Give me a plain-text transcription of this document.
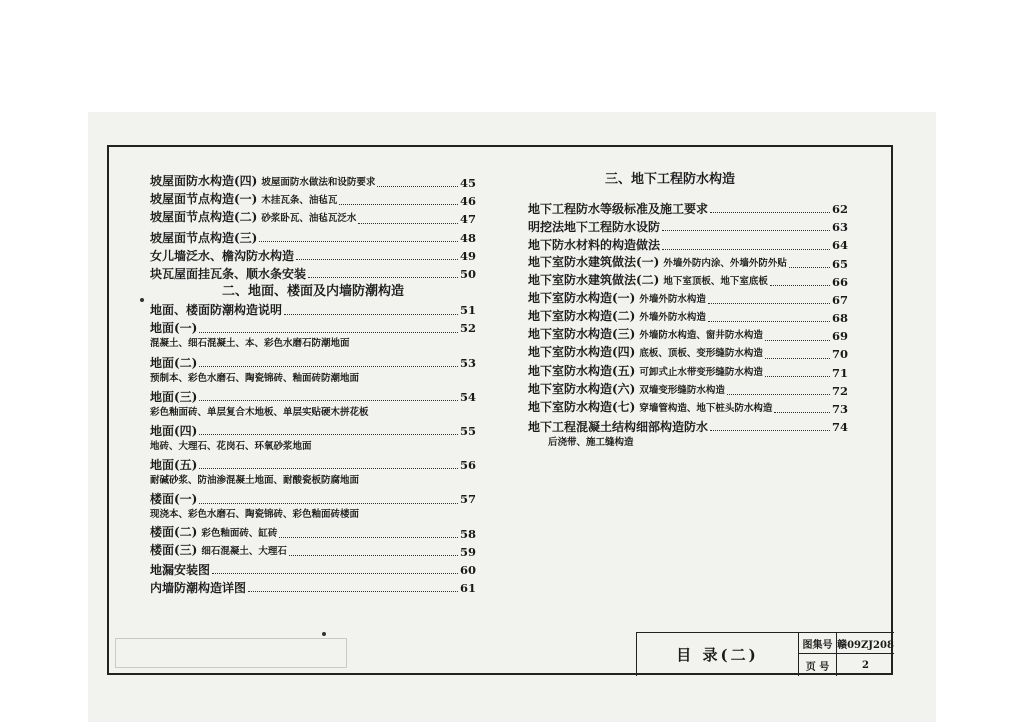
坡屋面防水构造(四) 坡屋面防水做法和设防要求	45
坡屋面节点构造(一) 木挂瓦条、油毡瓦	46
坡屋面节点构造(二) 砂浆卧瓦、油毡瓦泛水	47
坡屋面节点构造(三)	48
女儿墙泛水、檐沟防水构造	49
块瓦屋面挂瓦条、顺水条安装	50
二、地面、楼面及内墙防潮构造
地面、楼面防潮构造说明	51
地面(一)	52
混凝土、细石混凝土、本、彩色水磨石防潮地面
地面(二)	53
预制本、彩色水磨石、陶瓷锦砖、釉面砖防潮地面
地面(三)	54
彩色釉面砖、单层复合木地板、单层实贴硬木拼花板
地面(四)	55
地砖、大理石、花岗石、环氧砂浆地面
地面(五)	56
耐碱砂浆、防油渗混凝土地面、耐酸瓷板防腐地面
楼面(一)	57
现浇本、彩色水磨石、陶瓷锦砖、彩色釉面砖楼面
楼面(二) 彩色釉面砖、缸砖	58
楼面(三) 细石混凝土、大理石	59
地漏安装图	60
内墙防潮构造详图	61
三、地下工程防水构造
地下工程防水等级标准及施工要求	62
明挖法地下工程防水设防	63
地下防水材料的构造做法	64
地下室防水建筑做法(一) 外墙外防内涂、外墙外防外贴	65
地下室防水建筑做法(二) 地下室顶板、地下室底板	66
地下室防水构造(一) 外墙外防水构造	67
地下室防水构造(二) 外墙外防水构造	68
地下室防水构造(三) 外墙防水构造、窗井防水构造	69
地下室防水构造(四) 底板、顶板、变形缝防水构造	70
地下室防水构造(五) 可卸式止水带变形缝防水构造	71
地下室防水构造(六) 双墙变形缝防水构造	72
地下室防水构造(七) 穿墙管构造、地下桩头防水构造	73
地下工程混凝土结构细部构造防水	74
后浇带、施工缝构造
目 录(二)
图集号 赣09ZJ208
页 号	2
